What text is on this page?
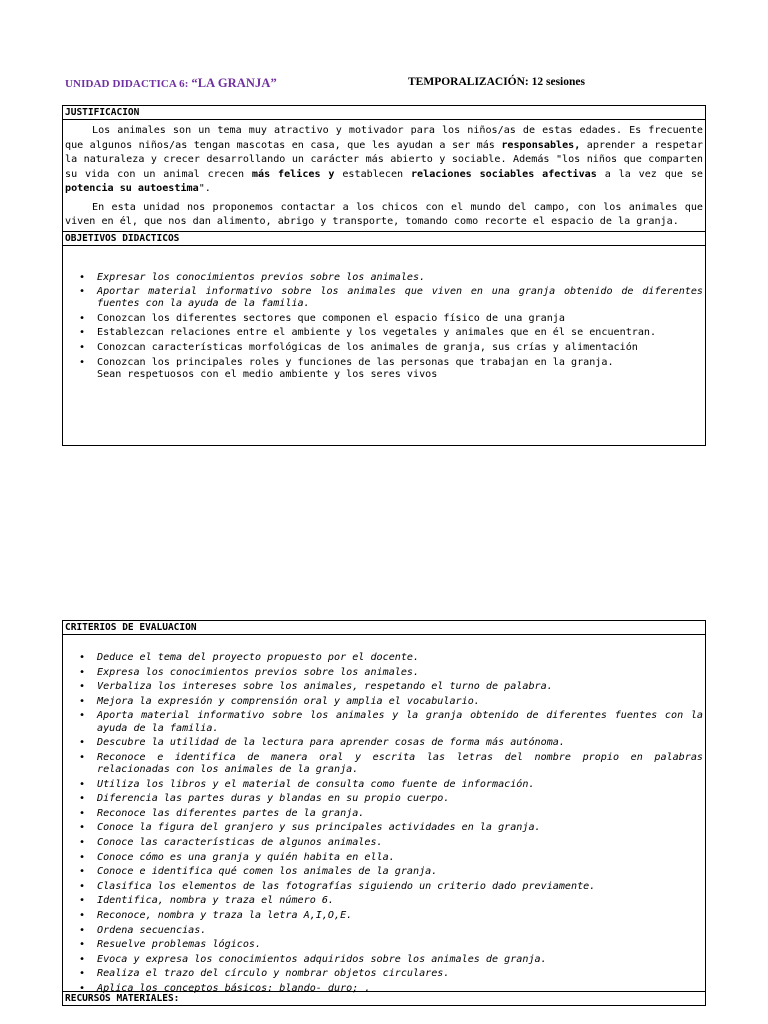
UNIDAD DIDACTICA 6: “LA GRANJA”	TEMPORALIZACIÓN: 12 sesiones
JUSTIFICACION

Los animales son un tema muy atractivo y motivador para los niños/as de estas edades. Es frecuente que algunos niños/as tengan mascotas en casa, que les ayudan a ser más responsables, aprender a respetar la naturaleza y crecer desarrollando un carácter más abierto y sociable. Además "los niños que comparten su vida con un animal crecen más felices y establecen relaciones sociables afectivas a la vez que se potencia su autoestima".

En esta unidad nos proponemos contactar a los chicos con el mundo del campo, con los animales que viven en él, que nos dan alimento, abrigo y transporte, tomando como recorte el espacio de la granja.

OBJETIVOS DIDACTICOS
• Expresar los conocimientos previos sobre los animales.
• Aportar material informativo sobre los animales que viven en una granja obtenido de diferentes fuentes con la ayuda de la familia.
• Conozcan los diferentes sectores que componen el espacio físico de una granja
• Establezcan relaciones entre el ambiente y los vegetales y animales que en él se encuentran.
• Conozcan características morfológicas de los animales de granja, sus crías y alimentación
• Conozcan los principales roles y funciones de las personas que trabajan en la granja.
Sean respetuosos con el medio ambiente y los seres vivos
CRITERIOS DE EVALUACION
• Deduce el tema del proyecto propuesto por el docente.
• Expresa los conocimientos previos sobre los animales.
• Verbaliza los intereses sobre los animales, respetando el turno de palabra.
• Mejora la expresión y comprensión oral y amplia el vocabulario.
• Aporta material informativo sobre los animales y la granja obtenido de diferentes fuentes con la ayuda de la familia.
• Descubre la utilidad de la lectura para aprender cosas de forma más autónoma.
• Reconoce e identifica de manera oral y escrita las letras del nombre propio en palabras relacionadas con los animales de la granja.
• Utiliza los libros y el material de consulta como fuente de información.
• Diferencia las partes duras y blandas en su propio cuerpo.
• Reconoce las diferentes partes de la granja.
• Conoce la figura del granjero y sus principales actividades en la granja.
• Conoce las características de algunos animales.
• Conoce cómo es una granja y quién habita en ella.
• Conoce e identifica qué comen los animales de la granja.
• Clasifica los elementos de las fotografías siguiendo un criterio dado previamente.
• Identifica, nombra y traza el número 6.
• Reconoce, nombra y traza la letra A,I,O,E.
• Ordena secuencias.
• Resuelve problemas lógicos.
• Evoca y expresa los conocimientos adquiridos sobre los animales de granja.
• Realiza el trazo del círculo y nombrar objetos circulares.
• Aplica los conceptos básicos: blando- duro; .
RECURSOS MATERIALES:
